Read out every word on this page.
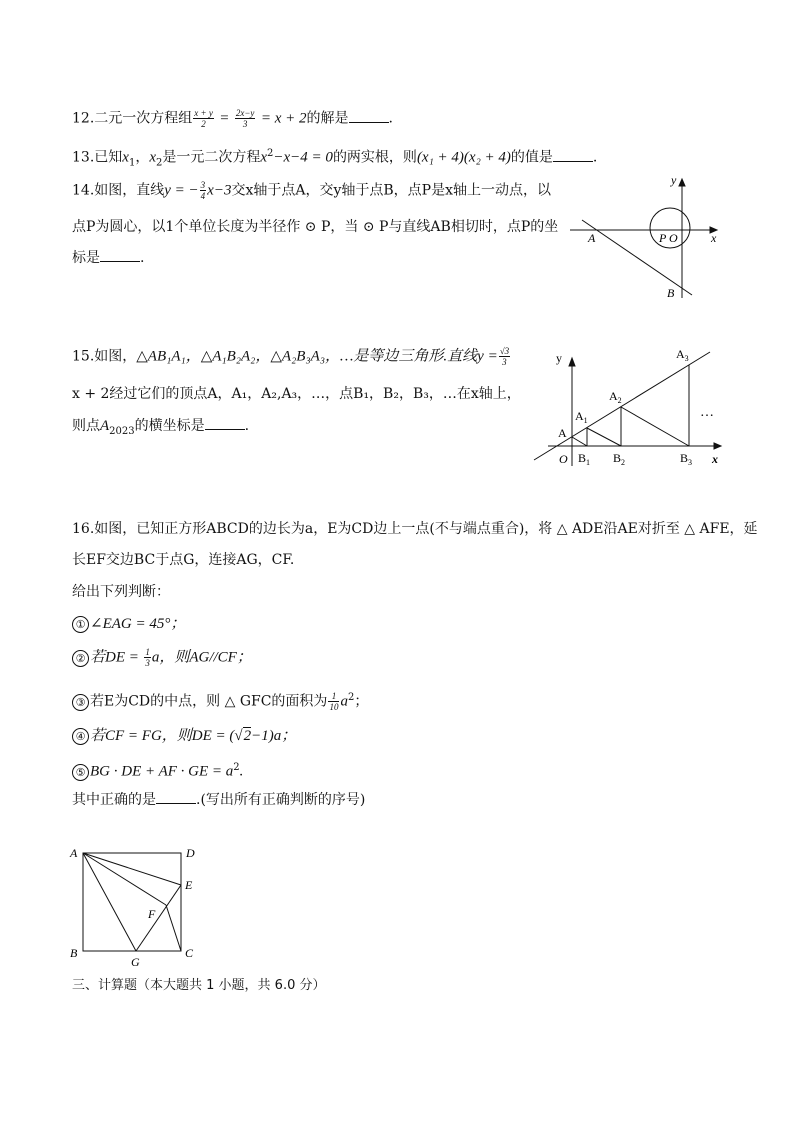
12.二元一次方程组 $\frac{x + y}{2} = \frac{2x-y}{3} = x + 2$的解是	.
13.已知$x_1$，$x_2$是一元二次方程$x^2-x-4 = 0$的两实根，则(x₁ + 4)(x₂ + 4)的值是	.
14.如图，直线y = − $\frac{3}{4} x-3$交x轴于点A，交y轴于点B，点P是x轴上一动点，以
点P为圆心，以1个单位长度为半径作 ⊙ P，当 ⊙ P与直线AB相切时，点P的坐
标是	.
y
x
A	P O
B
15.如图，△AB₁A₁，△A₁B₂A₂，△A₂B₃A₃，…是等边三角形.直线$y = \frac{√3}{3}$
x + 2经过它们的顶点A，A₁，A₂,A₃，…，点B₁，B₂，B₃，…在x轴上，
则点$A_{2023}$的横坐标是	.
y
x
O
A
$A_1$
$A_2$
$A_3$
$B_1$ $B_2$	$B_3$
…
16.如图，已知正方形ABCD的边长为a，E为CD边上一点(不与端点重合)，将 △ ADE沿AE对折至 △ AFE，延
长EF交边BC于点G，连接AG，CF.
给出下列判断：
① ∠EAG = 45°；
② 若DE = $\frac{1}{3}$ a，则AG//CF；
③ 若E为CD的中点，则 △ GFC的面积为 $\frac{1}{10} a^2$；
④ 若CF = FG，则DE = (√2−1)a；
⑤ BG · DE + AF · GE = $a^2$.
其中正确的是	.(写出所有正确判断的序号)
A	D
E
F
B
G
C
三、计算题（本大题共 1 小题，共 6.0 分）
